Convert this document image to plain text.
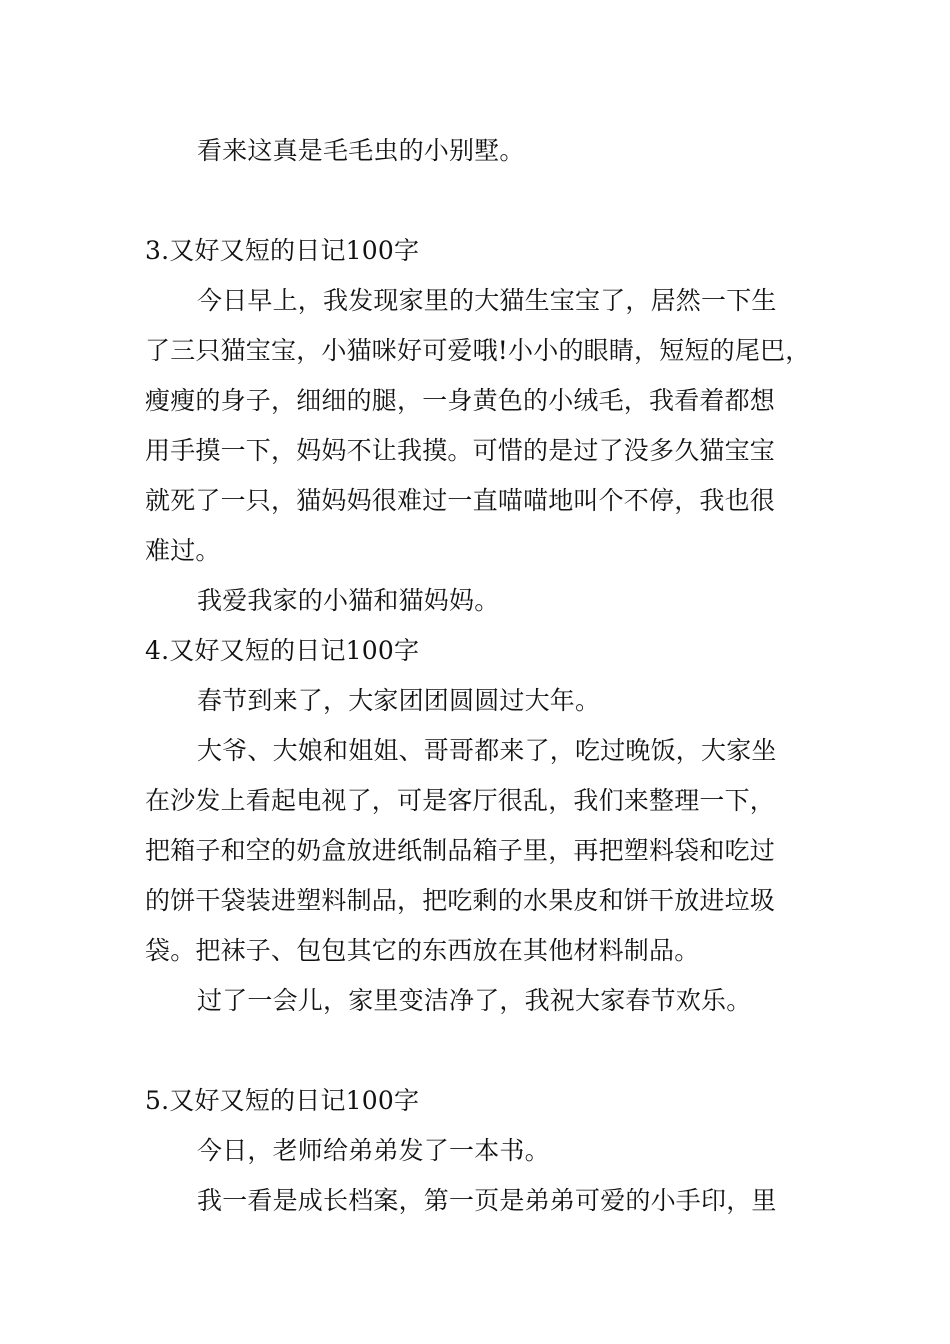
看来这真是毛毛虫的小别墅。
3.又好又短的日记100字
今日早上，我发现家里的大猫生宝宝了，居然一下生
了三只猫宝宝，小猫咪好可爱哦!小小的眼睛，短短的尾巴，
瘦瘦的身子，细细的腿，一身黄色的小绒毛，我看着都想
用手摸一下，妈妈不让我摸。可惜的是过了没多久猫宝宝
就死了一只，猫妈妈很难过一直喵喵地叫个不停，我也很
难过。
我爱我家的小猫和猫妈妈。
4.又好又短的日记100字
春节到来了，大家团团圆圆过大年。
大爷、大娘和姐姐、哥哥都来了，吃过晚饭，大家坐
在沙发上看起电视了，可是客厅很乱，我们来整理一下，
把箱子和空的奶盒放进纸制品箱子里，再把塑料袋和吃过
的饼干袋装进塑料制品，把吃剩的水果皮和饼干放进垃圾
袋。把袜子、包包其它的东西放在其他材料制品。
过了一会儿，家里变洁净了，我祝大家春节欢乐。
5.又好又短的日记100字
今日，老师给弟弟发了一本书。
我一看是成长档案，第一页是弟弟可爱的小手印，里
